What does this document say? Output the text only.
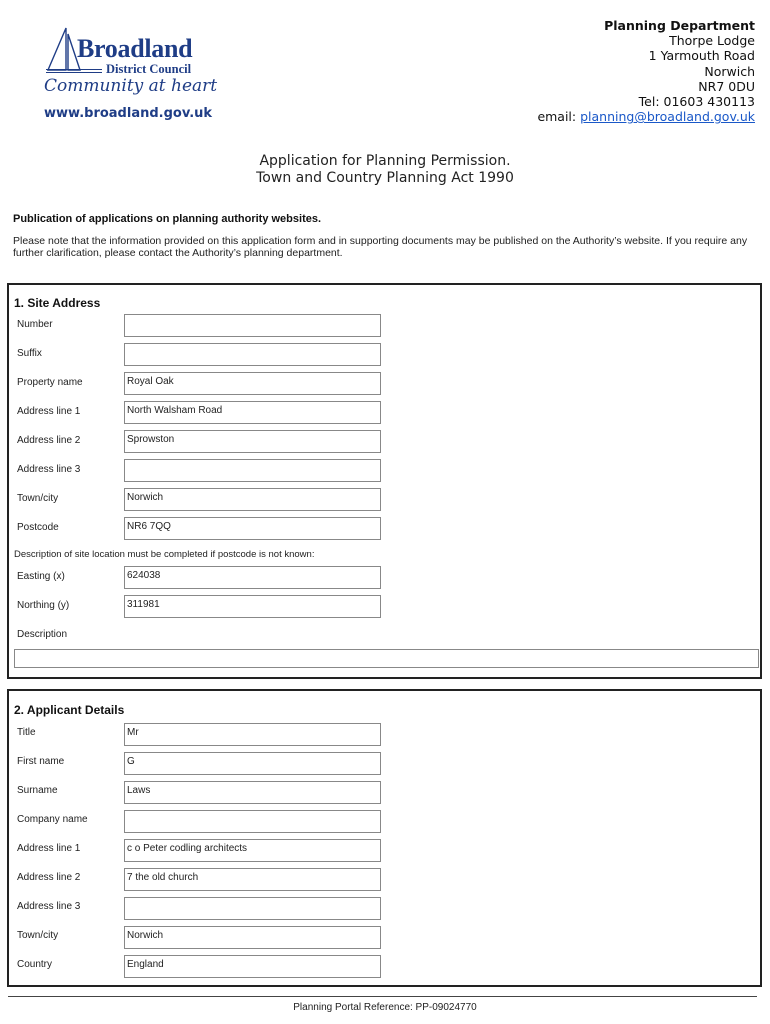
Broadland
District Council
Community at heart
www.broadland.gov.uk
Planning Department
Thorpe Lodge
1 Yarmouth Road
Norwich
NR7 0DU
Tel: 01603 430113
email: planning@broadland.gov.uk
Application for Planning Permission.
Town and Country Planning Act 1990
Publication of applications on planning authority websites.
Please note that the information provided on this application form and in supporting documents may be published on the Authority’s website. If you require any further clarification, please contact the Authority’s planning department.
1. Site Address
Number
Suffix
Property name	Royal Oak
Address line 1	North Walsham Road
Address line 2	Sprowston
Address line 3
Town/city	Norwich
Postcode	NR6 7QQ
Description of site location must be completed if postcode is not known:
Easting (x)	624038
Northing (y)	311981
Description
2. Applicant Details
Title	Mr
First name	G
Surname	Laws
Company name
Address line 1	c o Peter codling architects
Address line 2	7 the old church
Address line 3
Town/city	Norwich
Country	England
Planning Portal Reference: PP-09024770
